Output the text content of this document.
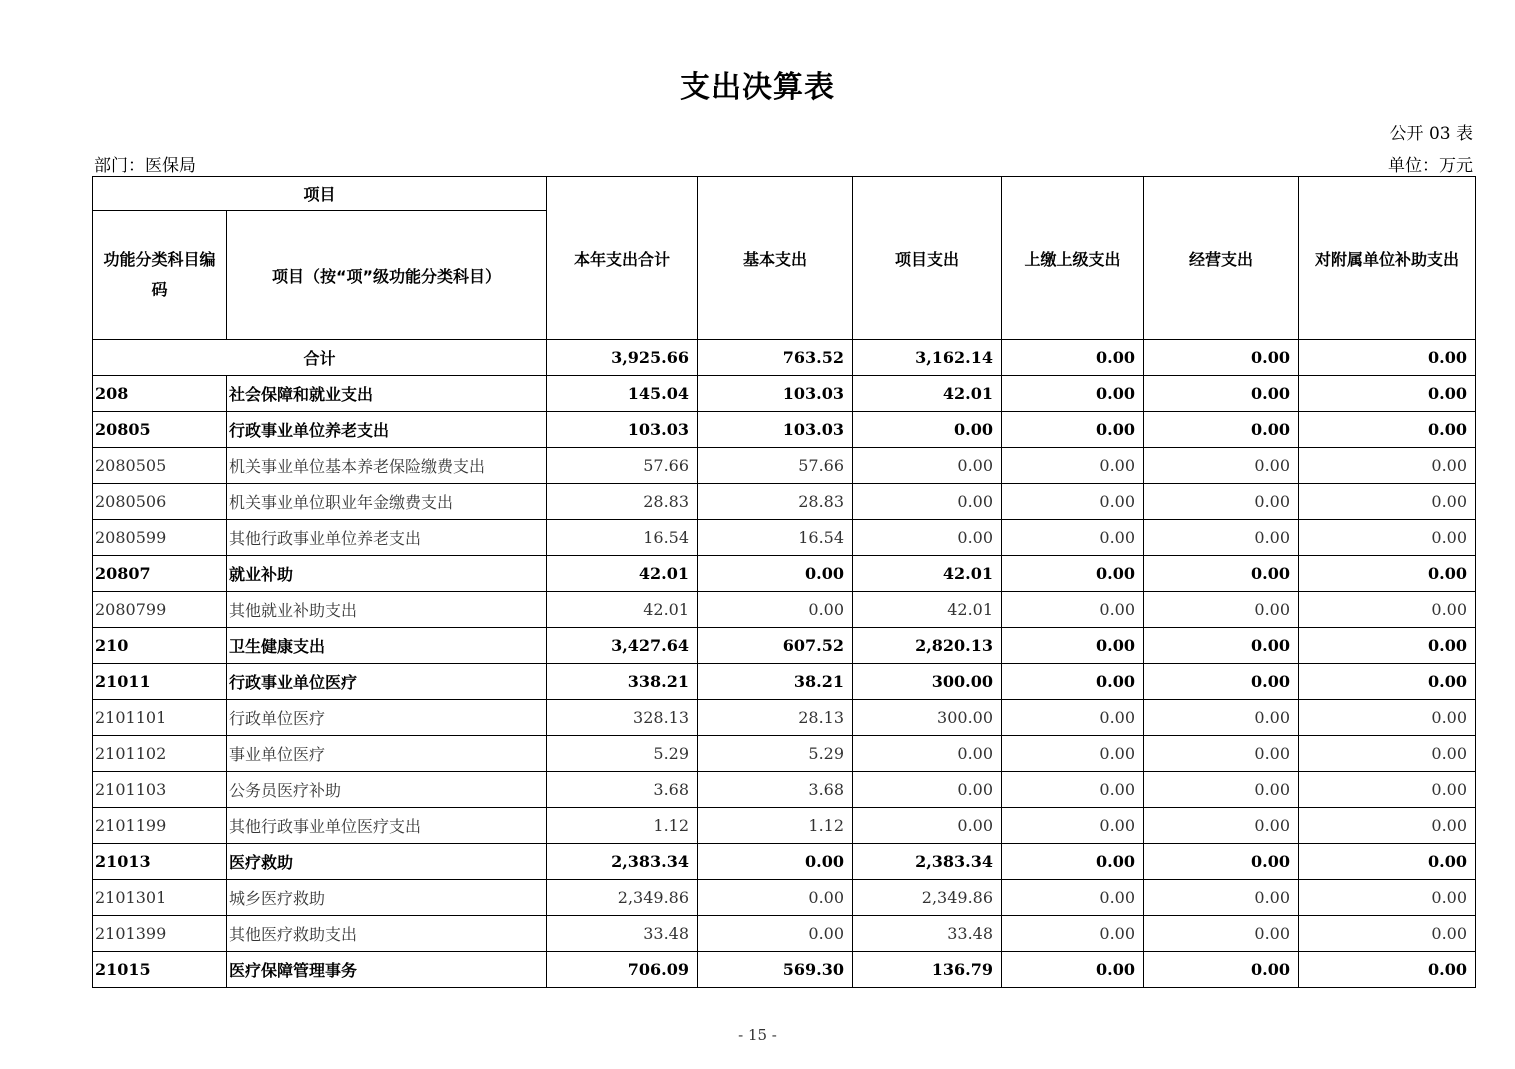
支出决算表
公开 03 表
部门：医保局	单位：万元
项目		本年支出合计	基本支出	项目支出	上缴上级支出	经营支出	对附属单位补助支出
功能分类科目编码	项目（按“项”级功能分类科目）						
合计		3,925.66	763.52	3,162.14	0.00	0.00	0.00
208	社会保障和就业支出	145.04	103.03	42.01	0.00	0.00	0.00
20805	行政事业单位养老支出	103.03	103.03	0.00	0.00	0.00	0.00
2080505	机关事业单位基本养老保险缴费支出	57.66	57.66	0.00	0.00	0.00	0.00
2080506	机关事业单位职业年金缴费支出	28.83	28.83	0.00	0.00	0.00	0.00
2080599	其他行政事业单位养老支出	16.54	16.54	0.00	0.00	0.00	0.00
20807	就业补助	42.01	0.00	42.01	0.00	0.00	0.00
2080799	其他就业补助支出	42.01	0.00	42.01	0.00	0.00	0.00
210	卫生健康支出	3,427.64	607.52	2,820.13	0.00	0.00	0.00
21011	行政事业单位医疗	338.21	38.21	300.00	0.00	0.00	0.00
2101101	行政单位医疗	328.13	28.13	300.00	0.00	0.00	0.00
2101102	事业单位医疗	5.29	5.29	0.00	0.00	0.00	0.00
2101103	公务员医疗补助	3.68	3.68	0.00	0.00	0.00	0.00
2101199	其他行政事业单位医疗支出	1.12	1.12	0.00	0.00	0.00	0.00
21013	医疗救助	2,383.34	0.00	2,383.34	0.00	0.00	0.00
2101301	城乡医疗救助	2,349.86	0.00	2,349.86	0.00	0.00	0.00
2101399	其他医疗救助支出	33.48	0.00	33.48	0.00	0.00	0.00
21015	医疗保障管理事务	706.09	569.30	136.79	0.00	0.00	0.00
- 15 -
